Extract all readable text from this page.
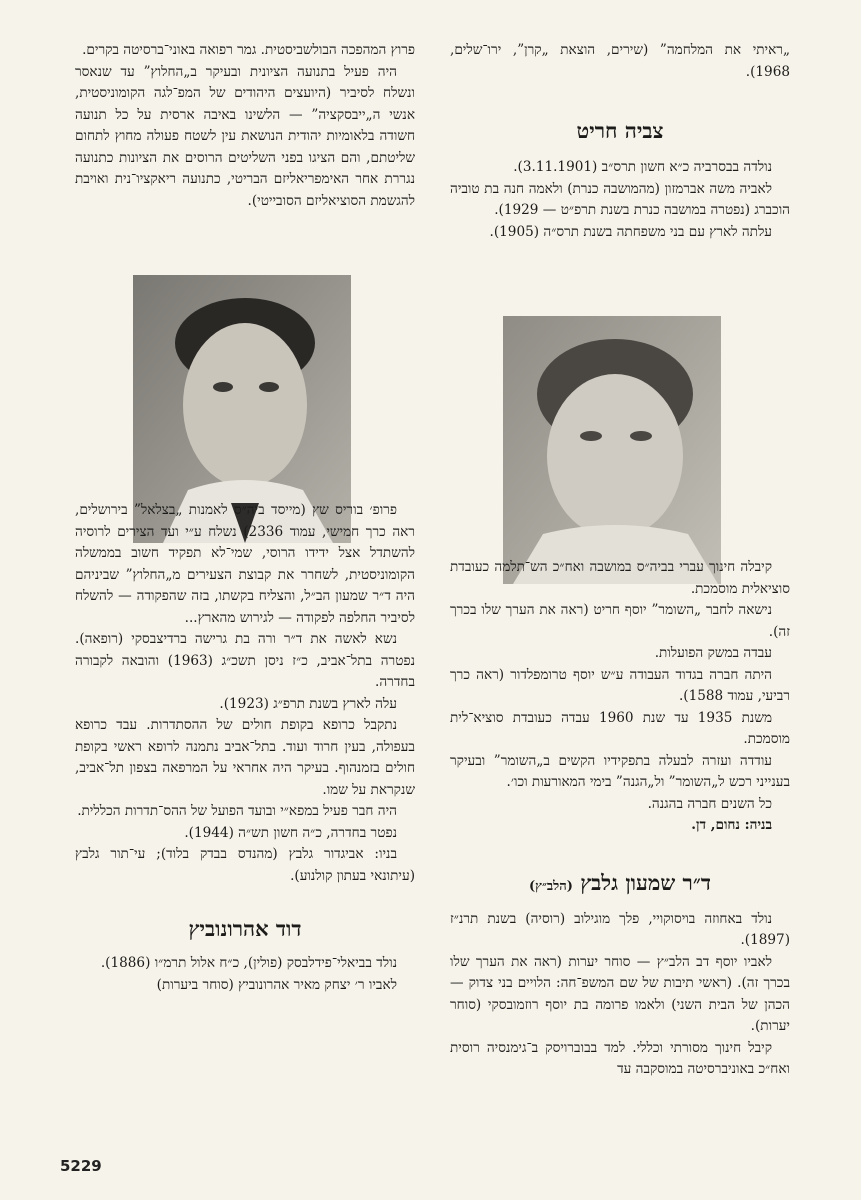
„ראיתי את המלחמה” (שירים, הוצאת „קרן”, ירו־שלים, 1968).

צביה חריט

נולדה בבסרביה כ״א חשון תרס״ב (3.11.1901).

לאביה משה אברמזון (מהמושבה כנרת) ולאמה חנה בת טוביה הוכברג (נפטרה במושבה כנרת בשנת תרפ״ט — 1929).

עלתה לארץ עם בני משפחתה בשנת תרס״ה (1905).

קיבלה חינוך עברי בביה״ס במושבה ואח״כ הש־תלמה כעובדת סוציאלית מוסמכת.

נישאה לחבר „השומר” יוסף חריט (ראה את הערך שלו בכרך זה).

עבדה במשק הפועלות.

היתה חברה בגדוד העבודה ע״ש יוסף טרומפלדור (ראה כרך רביעי, עמוד 1588).

משנת 1935 עד שנת 1960 עבדה כעובדת סוציא־לית מוסמכת.

עודדה ועזרה לבעלה בתפקידיו הקשים ב„השומר” ובעיקר בענייני רכש ל„השומר” ול„הגנה” בימי המאורעות וכו׳.

כל השנים חברה בהגנה.

בניה: נחום, דן.

ד״ר שמעון גלבץ (הלב״ץ)

נולד באחוזה בויסוקויי, פלך מוגילוב (רוסיה) בשנת תרנ״ז (1897).

לאביו יוסף דב הלב״ץ — סוחר יערות (ראה את הערך שלו בכרך זה). (ראשי תיבות של שם המשפ־חה: הלויים בני צדוק — הכהן של הבית השני) ולאמו פרומה בת יוסף רוזמובסקי (סוחר יערות).

קיבל חינוך מסורתי וכללי. למד בבוברויסק ב־גימנסיה רוסית ואח״כ באוניברסיטה במוסקבה עד

פרוץ המהפכה הבולשביסטית. גמר רפואה באוני־ברסיטה בקרים.

היה פעיל בתנועה הציונית ובעיקר ב„החלוץ” עד שנאסר ונשלח לסיביר (היועצים היהודים של המפ־לגה הקומוניסטית, אנשי ה„ייבסקציה” — הלשינו באיבה ארסית על כל תנועה חשודה בלאומיות יהודית הנושאת עין לשטח פעולה מחוץ לתחום שליטתם, והם הציגו בפני השליטים הרוסים את הציונות כתנועה נגררת אחר האימפריאליזם הבריטי, כתנועה ריאקציו־נית ואויבת להגשמת הסוציאליזם הסובייטי).

פרופ׳ בוריס שץ (מייסד ביה״ס לאמנות „בצלאל” בירושלים, ראה כרך חמישי, עמוד 2336) נשלח ע״י ועד הצירים לרוסיה להשתדל אצל ידידו הרוסי, שמי־לא תפקיד חשוב בממשלה הקומוניסטית, לשחרר את קבוצת הצעירים מ„החלוץ” שביניהם היה ד״ר שמעון הב״ל, והצליח בקשתו, בזה שהפקודה — להשלח לסיביר החלפה לפקודה — לגירוש מהארץ...

נשא לאשה את ד״ר ורה בת גרישה ברדיצבסקי (רופאה). נפטרה בתל־אביב, כ״ז ניסן תשכ״ג (1963) והובאה לקבורה בחדרה.

עלה לארץ בשנת תרפ״ג (1923).

נתקבל כרופא בקופת חולים של ההסתדרות. עבד כרופא בעפולה, בעין חרוד ועוד. בתל־אביב נתמנה לרופא ראשי בקופת חולים בזמנהוף. בעיקר היה אחראי על המרפאה בצפון תל־אביב, שנקראת על שמו.

היה חבר פעיל במפא״י ובועד הפועל של ההס־תדרות הכללית.

נפטר בחדרה, כ״ה חשון תש״ה (1944).

בניו: אביגדור גלבץ (מהנדס בבדק בלוד); עי־תור גלבץ (עיתונאי בעתון קולנוע).

דוד אהרונוביץ

נולד בביאלי־פידלבסק (פולין), כ״ח אלול תרמ״ו (1886).

לאביו ר׳ יצחק מאיר אהרונוביץ (סוחר ביערות)

5229
